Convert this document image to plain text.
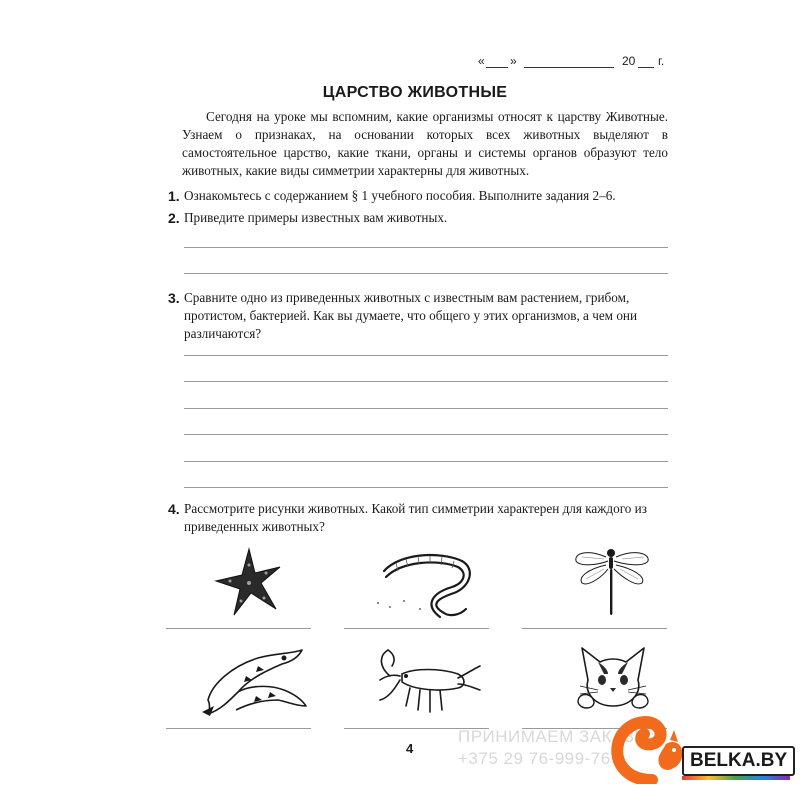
« »	20 г.
ЦАРСТВО ЖИВОТНЫЕ
Сегодня на уроке мы вспомним, какие организмы относят к царству Животные. Узнаем о признаках, на основании которых всех животных выделяют в самостоятельное царство, какие ткани, органы и системы органов образуют тело животных, какие виды симметрии характерны для животных.
1. Ознакомьтесь с содержанием § 1 учебного пособия. Выполните задания 2–6.
2. Приведите примеры известных вам животных.
3. Сравните одно из приведенных животных с известным вам растением, грибом, протистом, бактерией. Как вы думаете, что общего у этих организмов, а чем они различаются?
4. Рассмотрите рисунки животных. Какой тип симметрии характерен для каждого из приведенных животных?
4
ПРИНИМАЕМ ЗАКАЗЫ:
+375 29 76-999-76	BELKA.BY
